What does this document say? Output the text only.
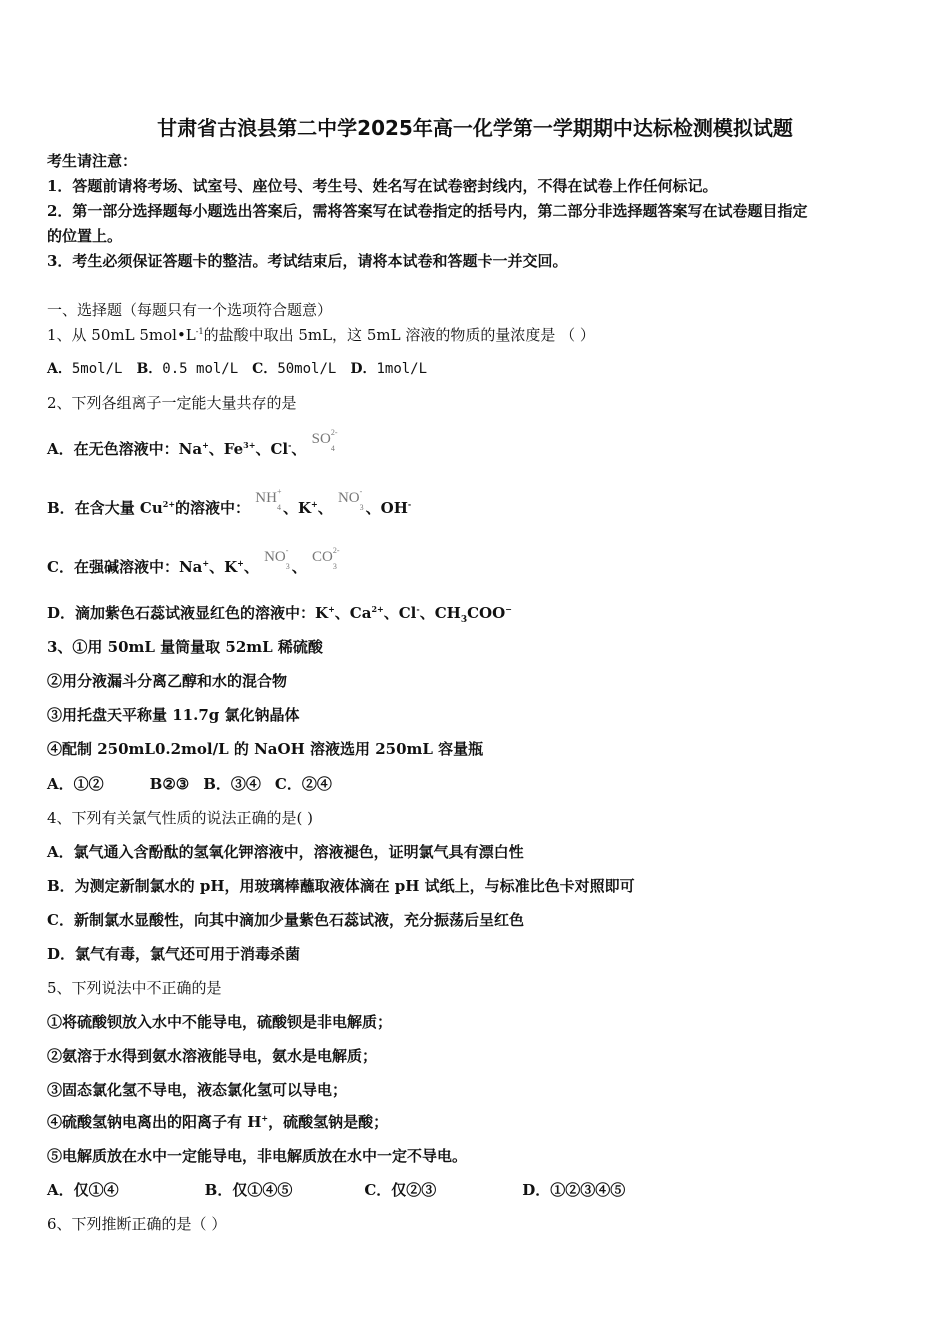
甘肃省古浪县第二中学2025年高一化学第一学期期中达标检测模拟试题
考生请注意：
1．答题前请将考场、试室号、座位号、考生号、姓名写在试卷密封线内，不得在试卷上作任何标记。
2．第一部分选择题每小题选出答案后，需将答案写在试卷指定的括号内，第二部分非选择题答案写在试卷题目指定
的位置上。
3．考生必须保证答题卡的整洁。考试结束后，请将本试卷和答题卡一并交回。
一、选择题（每题只有一个选项符合题意）
1、从 50mL $5mol•L^{-1}$的盐酸中取出 5mL，这 5mL 溶液的物质的量浓度是 （ ）
A．5mol/L B．0.5 mol/L C．50mol/L D．1mol/L
2、下列各组离子一定能大量共存的是
A．在无色溶液中：Na+、$Fe^{3+}$、Cl-、 SO 2-
4
B．在含大量 $Cu^{2+}$的溶液中： NH +
4 、K+、 NO -
3 、OH-
C．在强碱溶液中：Na+、K+、 NO -
3 、 CO 2-
3
D．滴加紫色石蕊试液显红色的溶液中：K+、$Ca^{2+}$、Cl-、$CH_3COO^-$
3、①用 50mL 量筒量取 52mL 稀硫酸
②用分液漏斗分离乙醇和水的混合物
③用托盘天平称量 11.7g 氯化钠晶体
④配制 250mL0.2mol/L 的 NaOH 溶液选用 250mL 容量瓶
A．①②	B②③ B．③④ C．②④
4、下列有关氯气性质的说法正确的是( )
A．氯气通入含酚酞的氢氧化钾溶液中，溶液褪色，证明氯气具有漂白性
B．为测定新制氯水的 pH，用玻璃棒蘸取液体滴在 pH 试纸上，与标准比色卡对照即可
C．新制氯水显酸性，向其中滴加少量紫色石蕊试液，充分振荡后呈红色
D．氯气有毒，氯气还可用于消毒杀菌
5、下列说法中不正确的是
①将硫酸钡放入水中不能导电，硫酸钡是非电解质；
②氨溶于水得到氨水溶液能导电，氨水是电解质；
③固态氯化氢不导电，液态氯化氢可以导电；
④硫酸氢钠电离出的阳离子有 H+，硫酸氢钠是酸；
⑤电解质放在水中一定能导电，非电解质放在水中一定不导电。
A．仅①④	B．仅①④⑤	C．仅②③	D．①②③④⑤
6、下列推断正确的是（ ）
